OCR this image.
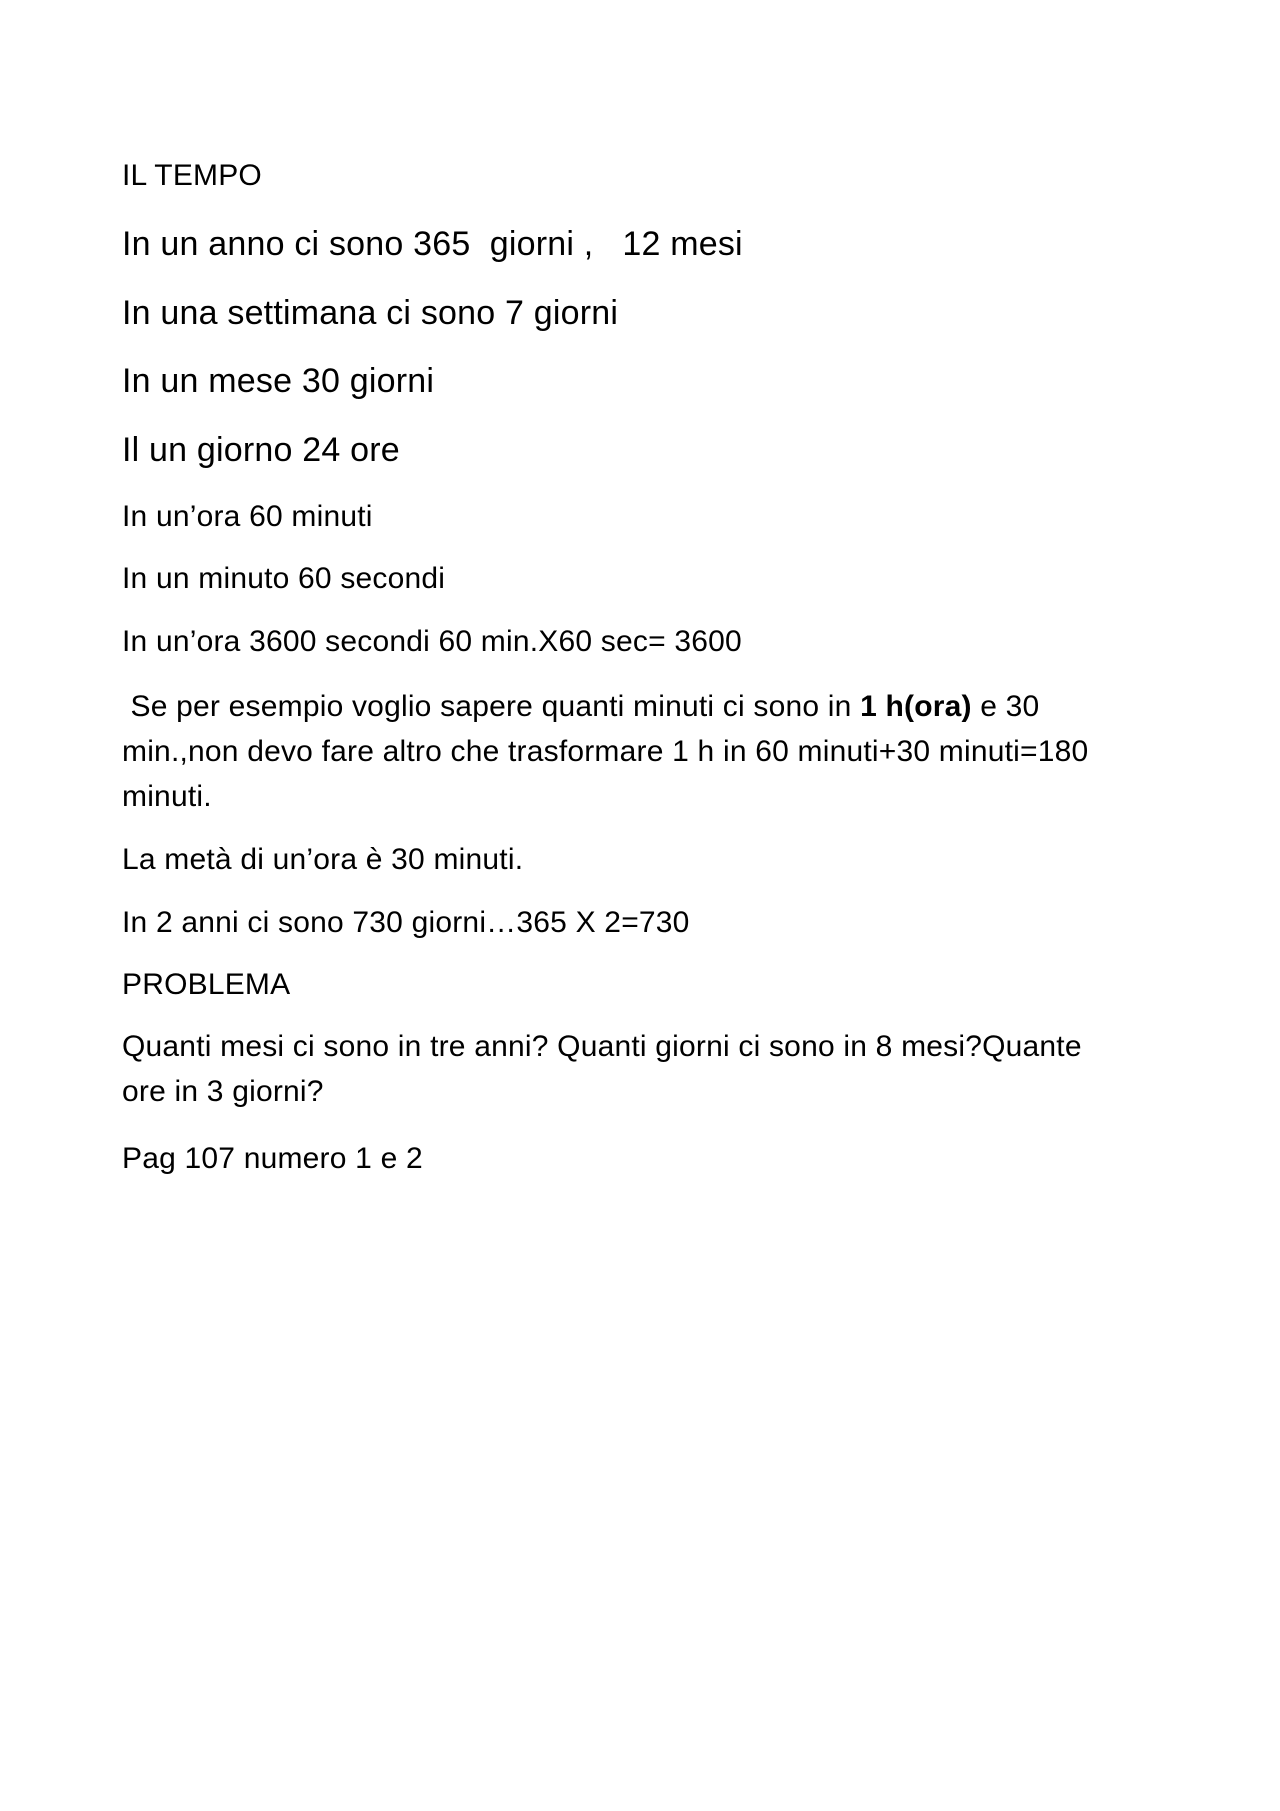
IL TEMPO

In un anno ci sono 365  giorni ,   12 mesi

In una settimana ci sono 7 giorni

In un mese 30 giorni

Il un giorno 24 ore

In un’ora 60 minuti

In un minuto 60 secondi

In un’ora 3600 secondi 60 min.X60 sec= 3600

Se per esempio voglio sapere quanti minuti ci sono in 1 h(ora) e 30
min.,non devo fare altro che trasformare 1 h in 60 minuti+30 minuti=180
minuti.

La metà di un’ora è 30 minuti.

In 2 anni ci sono 730 giorni…365 X 2=730

PROBLEMA

Quanti mesi ci sono in tre anni? Quanti giorni ci sono in 8 mesi?Quante
ore in 3 giorni?

Pag 107 numero 1 e 2
